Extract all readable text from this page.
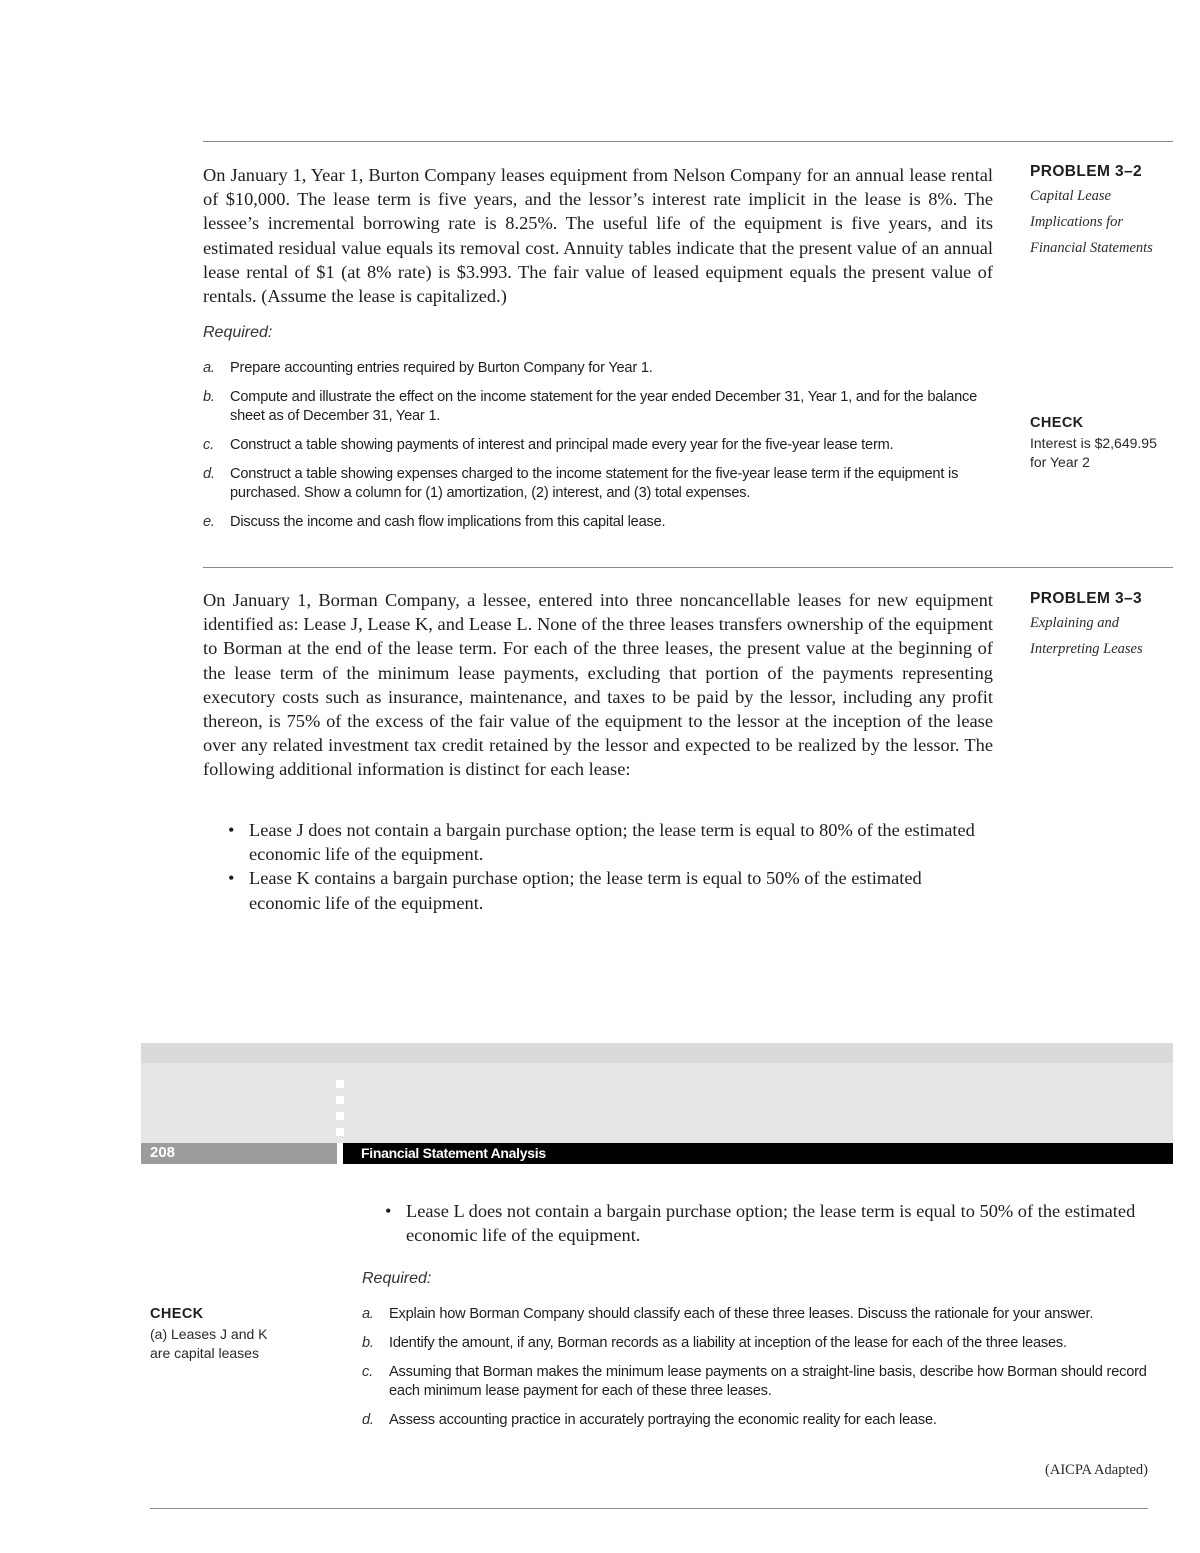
On January 1, Year 1, Burton Company leases equipment from Nelson Company for an annual lease rental of $10,000. The lease term is five years, and the lessor’s interest rate implicit in the lease is 8%. The lessee’s incremental borrowing rate is 8.25%. The useful life of the equipment is five years, and its estimated residual value equals its removal cost. Annuity tables indicate that the present value of an annual lease rental of $1 (at 8% rate) is $3.993. The fair value of leased equipment equals the present value of rentals. (Assume the lease is capitalized.)
PROBLEM 3–2
Capital Lease
Implications for
Financial Statements
Required:
a. Prepare accounting entries required by Burton Company for Year 1.
b. Compute and illustrate the effect on the income statement for the year ended December 31, Year 1, and for the balance sheet as of December 31, Year 1.
c. Construct a table showing payments of interest and principal made every year for the five-year lease term.
d. Construct a table showing expenses charged to the income statement for the five-year lease term if the equipment is purchased. Show a column for (1) amortization, (2) interest, and (3) total expenses.
e. Discuss the income and cash flow implications from this capital lease.
CHECK
Interest is $2,649.95
for Year 2
On January 1, Borman Company, a lessee, entered into three noncancellable leases for new equipment identified as: Lease J, Lease K, and Lease L. None of the three leases transfers ownership of the equipment to Borman at the end of the lease term. For each of the three leases, the present value at the beginning of the lease term of the minimum lease payments, excluding that portion of the payments representing executory costs such as insurance, maintenance, and taxes to be paid by the lessor, including any profit thereon, is 75% of the excess of the fair value of the equipment to the lessor at the inception of the lease over any related investment tax credit retained by the lessor and expected to be realized by the lessor. The following additional information is distinct for each lease:
PROBLEM 3–3
Explaining and
Interpreting Leases
• Lease J does not contain a bargain purchase option; the lease term is equal to 80% of the estimated economic life of the equipment.
• Lease K contains a bargain purchase option; the lease term is equal to 50% of the estimated economic life of the equipment.
208	Financial Statement Analysis
• Lease L does not contain a bargain purchase option; the lease term is equal to 50% of the estimated economic life of the equipment.
Required:
a. Explain how Borman Company should classify each of these three leases. Discuss the rationale for your answer.
b. Identify the amount, if any, Borman records as a liability at inception of the lease for each of the three leases.
c. Assuming that Borman makes the minimum lease payments on a straight-line basis, describe how Borman should record each minimum lease payment for each of these three leases.
d. Assess accounting practice in accurately portraying the economic reality for each lease.
CHECK
(a) Leases J and K
are capital leases
(AICPA Adapted)
